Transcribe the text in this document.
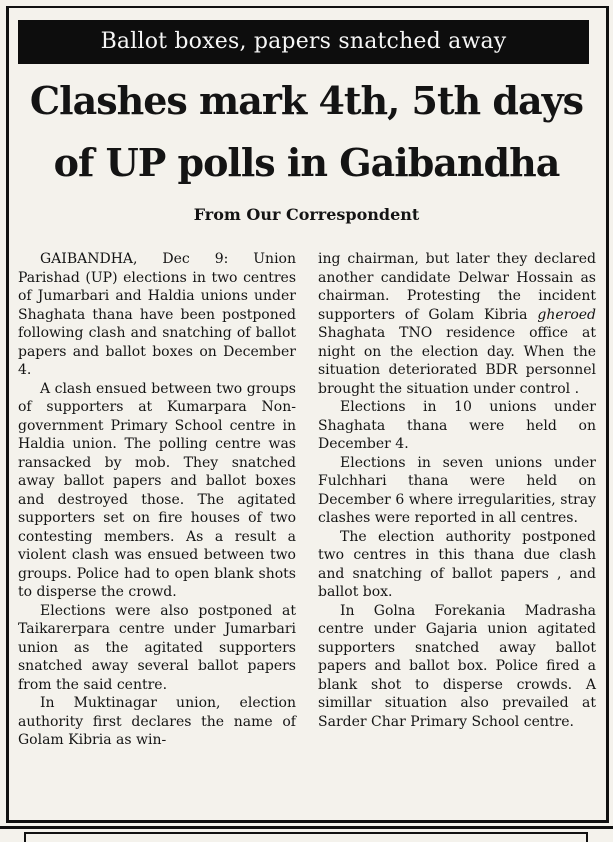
Ballot boxes, papers snatched away
Clashes mark 4th, 5th days
of UP polls in Gaibandha
From Our Correspondent

GAIBANDHA, Dec 9: Union Parishad (UP) elections in two centres of Jumarbari and Haldia unions under Shaghata thana have been postponed following clash and snatching of ballot papers and ballot boxes on December 4.

A clash ensued between two groups of supporters at Kumarpara Non-government Primary School centre in Haldia union. The polling centre was ransacked by mob. They snatched away ballot papers and ballot boxes and destroyed those. The agitated supporters set on fire houses of two contesting members. As a result a violent clash was ensued between two groups. Police had to open blank shots to disperse the crowd.

Elections were also postponed at Taikarerpara centre under Jumarbari union as the agitated supporters snatched away several ballot papers from the said centre.

In Muktinagar union, election authority first declares the name of Golam Kibria as win-

ing chairman, but later they declared another candidate Delwar Hossain as chairman. Protesting the incident supporters of Golam Kibria gheroed Shaghata TNO residence office at night on the election day. When the situation deteriorated BDR personnel brought the situation under control .

Elections in 10 unions under Shaghata thana were held on December 4.

Elections in seven unions under Fulchhari thana were held on December 6 where irregularities, stray clashes were reported in all centres.

The election authority postponed two centres in this thana due clash and snatching of ballot papers , and ballot box.

In Golna Forekania Madrasha centre under Gajaria union agitated supporters snatched away ballot papers and ballot box. Police fired a blank shot to disperse crowds. A simillar situation also prevailed at Sarder Char Primary School centre.
